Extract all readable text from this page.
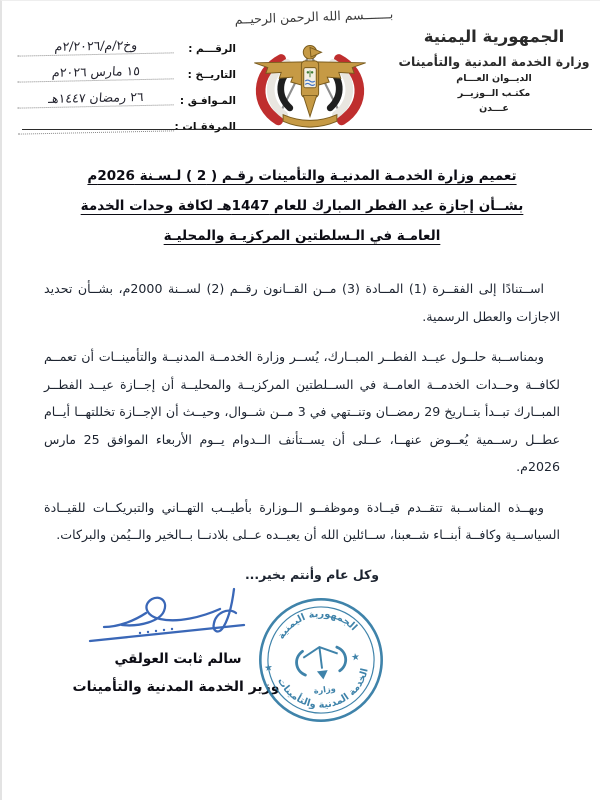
الرقـــم :
وخ٢/م/٢/٢٠٢٦م
التاريــخ :
١٥ مارس ٢٠٢٦م
المـوافـق :
٢٦ رمضان ١٤٤٧هـ
المرفقـات :
بـــــــسم الله الرحمن الرحيــم
الجمهورية اليمنية
وزارة الخدمة المدنية والتأمينات
الديــوان العـــام
مكتـب الــوزيــر
عـــدن
تعميم وزارة الخدمـة المدنيـة والتأمينات رقـم ( 2 ) لـسـنة 2026م
بشــأن إجازة عيد الفطر المبارك للعام 1447هـ لكافة وحدات الخدمة
العامـة في الـسلطتين المركزيـة والمحليـة

اســتنادًا إلى الفقــرة (1) المــادة (3) مــن القــانون رقــم (2) لســنة 2000م، بشــأن تحديد الاجازات والعطل الرسمية.

وبمناســبة حلــول عيــد الفطــر المبــارك، يُســر وزارة الخدمــة المدنيــة والتأمينــات أن تعمــم لكافــة وحــدات الخدمــة العامــة في الســلطتين المركزيــة والمحليــة أن إجــازة عيــد الفطــر المبــارك تبــدأ بتــاريخ 29 رمضــان وتنــتهي في 3 مــن شــوال، وحيــث أن الإجــازة تخللتهــا أيــام عطــل رســمية يُعــوض عنهــا، عــلى أن يســتأنف الــدوام يــوم الأربعاء الموافق 25 مارس 2026م.

وبهــذه المناســبة تتقــدم قيــادة وموظفــو الــوزارة بأطيــب التهــاني والتبريكــات للقيــادة السياســية وكافــة أبنــاء شــعبنا، ســائلين الله أن يعيــده عــلى بلادنــا بــالخير والــيُمن والبركات.

وكل عام وأنتم بخير...
سالم ثابت العولقي
وزير الخدمة المدنية والتأمينات
الجمهورية اليمنية
الخدمة المدنية والتأمينات
★
★
وزارة
